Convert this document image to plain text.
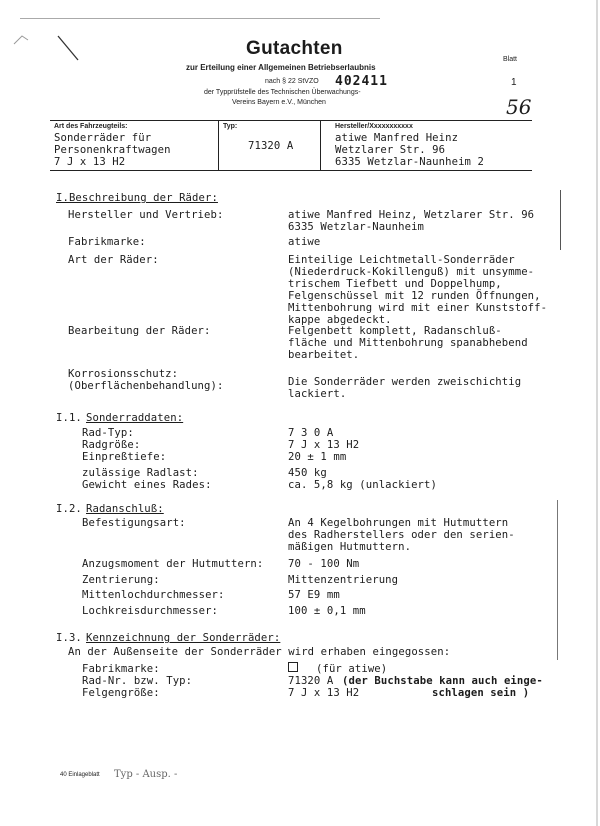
Gutachten
zur Erteilung einer Allgemeinen Betriebserlaubnis
nach § 22 StVZO 402411
der Typprüfstelle des Technischen Überwachungs-
Vereins Bayern e.V., München
Blatt
1
56
Art des Fahrzeugteils:
Sonderräder für
Personenkraftwagen
7 J x 13 H2
Typ:
71320 A
Hersteller/Xxxxxxxxxxx
atiwe Manfred Heinz
Wetzlarer Str. 96
6335 Wetzlar-Naunheim 2
I.Beschreibung der Räder:
Hersteller und Vertrieb:	atiwe Manfred Heinz, Wetzlarer Str. 96
6335 Wetzlar-Naunheim
Fabrikmarke:	atiwe
Art der Räder:	Einteilige Leichtmetall-Sonderräder
(Niederdruck-Kokillenguß) mit unsymme-
trischem Tiefbett und Doppelhump,
Felgenschüssel mit 12 runden Öffnungen,
Mittenbohrung wird mit einer Kunststoff-
kappe abgedeckt.
Bearbeitung der Räder:	Felgenbett komplett, Radanschluß-
fläche und Mittenbohrung spanabhebend
bearbeitet.
Korrosionsschutz:
(Oberflächenbehandlung):	Die Sonderräder werden zweischichtig
lackiert.
I.1. Sonderraddaten:
Rad-Typ:	7 3 0 A
Radgröße:	7 J x 13 H2
Einpreßtiefe:	20 ± 1 mm
zulässige Radlast:	450 kg
Gewicht eines Rades:	ca. 5,8 kg (unlackiert)
I.2. Radanschluß:
Befestigungsart:	An 4 Kegelbohrungen mit Hutmuttern
des Radherstellers oder den serien-
mäßigen Hutmuttern.
Anzugsmoment der Hutmuttern: 70 - 100 Nm
Zentrierung:	Mittenzentrierung
Mittenlochdurchmesser:	57 E9 mm
Lochkreisdurchmesser:	100 ± 0,1 mm
I.3. Kennzeichnung der Sonderräder:
An der Außenseite der Sonderräder wird erhaben eingegossen:
Fabrikmarke:	(für atiwe)
Rad-Nr. bzw. Typ:	71320 A (der Buchstabe kann auch einge-
Felgengröße:	7 J x 13 H2	schlagen sein )
40 Einlageblatt Typ - Ausp. -
